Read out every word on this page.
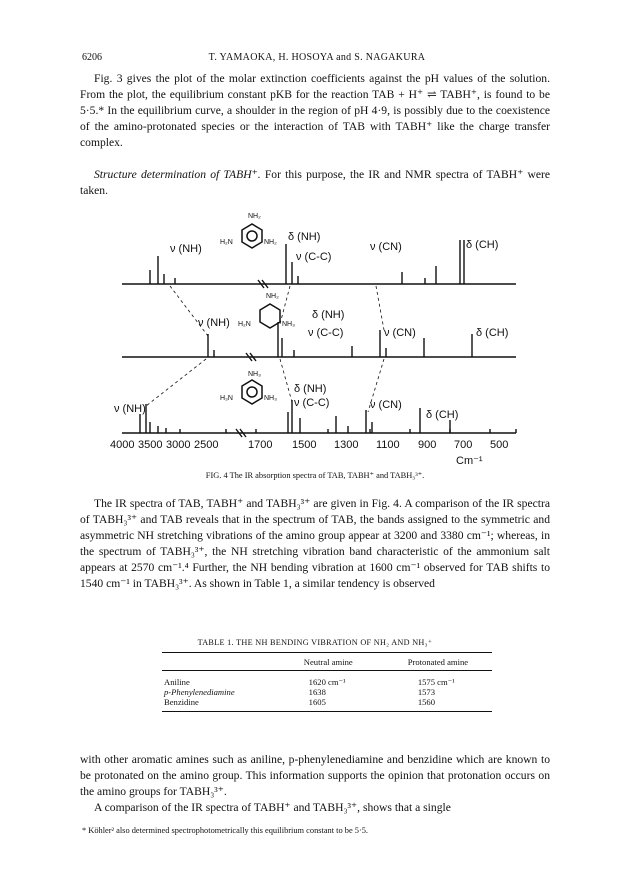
6206	T. YAMAOKA, H. HOSOYA and S. NAGAKURA

Fig. 3 gives the plot of the molar extinction coefficients against the pH values of the solution. From the plot, the equilibrium constant pKB for the reaction TAB + H⁺ ⇌ TABH⁺, is found to be 5·5.* In the equilibrium curve, a shoulder in the region of pH 4·9, is possibly due to the coexistence of the amino-protonated species or the interaction of TAB with TABH⁺ like the charge transfer complex.

Structure determination of TABH⁺. For this purpose, the IR and NMR spectra of TABH⁺ were taken.

NH₂
H₂N	NH₂
NH₂
H₂N	NH₃
NH₃
H₃N	NH₃
ν (NH)
δ (NH)
ν (C-C)
ν (CN)	δ (CH)
ν (NH)
δ (NH)
ν (C-C)	ν (CN)	δ (CH)
ν (NH)
δ (NH)
ν (C-C)	ν (CN)
δ (CH)
4000 3500 3000 2500	1700 1500 1300 1100 900 700 500
Cm⁻¹
FIG. 4 The IR absorption spectra of TAB, TABH⁺ and TABH₃³⁺.

The IR spectra of TAB, TABH⁺ and TABH₃³⁺ are given in Fig. 4. A comparison of the IR spectra of TABH₃³⁺ and TAB reveals that in the spectrum of TAB, the bands assigned to the symmetric and asymmetric NH stretching vibrations of the amino group appear at 3200 and 3380 cm⁻¹; whereas, in the spectrum of TABH₃³⁺, the NH stretching vibration band characteristic of the ammonium salt appears at 2570 cm⁻¹.⁴ Further, the NH bending vibration at 1600 cm⁻¹ observed for TAB shifts to 1540 cm⁻¹ in TABH₃³⁺. As shown in Table 1, a similar tendency is observed

TABLE 1. THE NH BENDING VIBRATION OF NH₂ AND NH₃⁺
	Neutral amine	Protonated amine
Aniline	1620 cm⁻¹	1575 cm⁻¹
p-Phenylenediamine	1638	1573
Benzidine	1605	1560

with other aromatic amines such as aniline, p-phenylenediamine and benzidine which are known to be protonated on the amino group. This information supports the opinion that protonation occurs on the amino groups for TABH₃³⁺.

A comparison of the IR spectra of TABH⁺ and TABH₃³⁺, shows that a single

* Köhler² also determined spectrophotometrically this equilibrium constant to be 5·5.
